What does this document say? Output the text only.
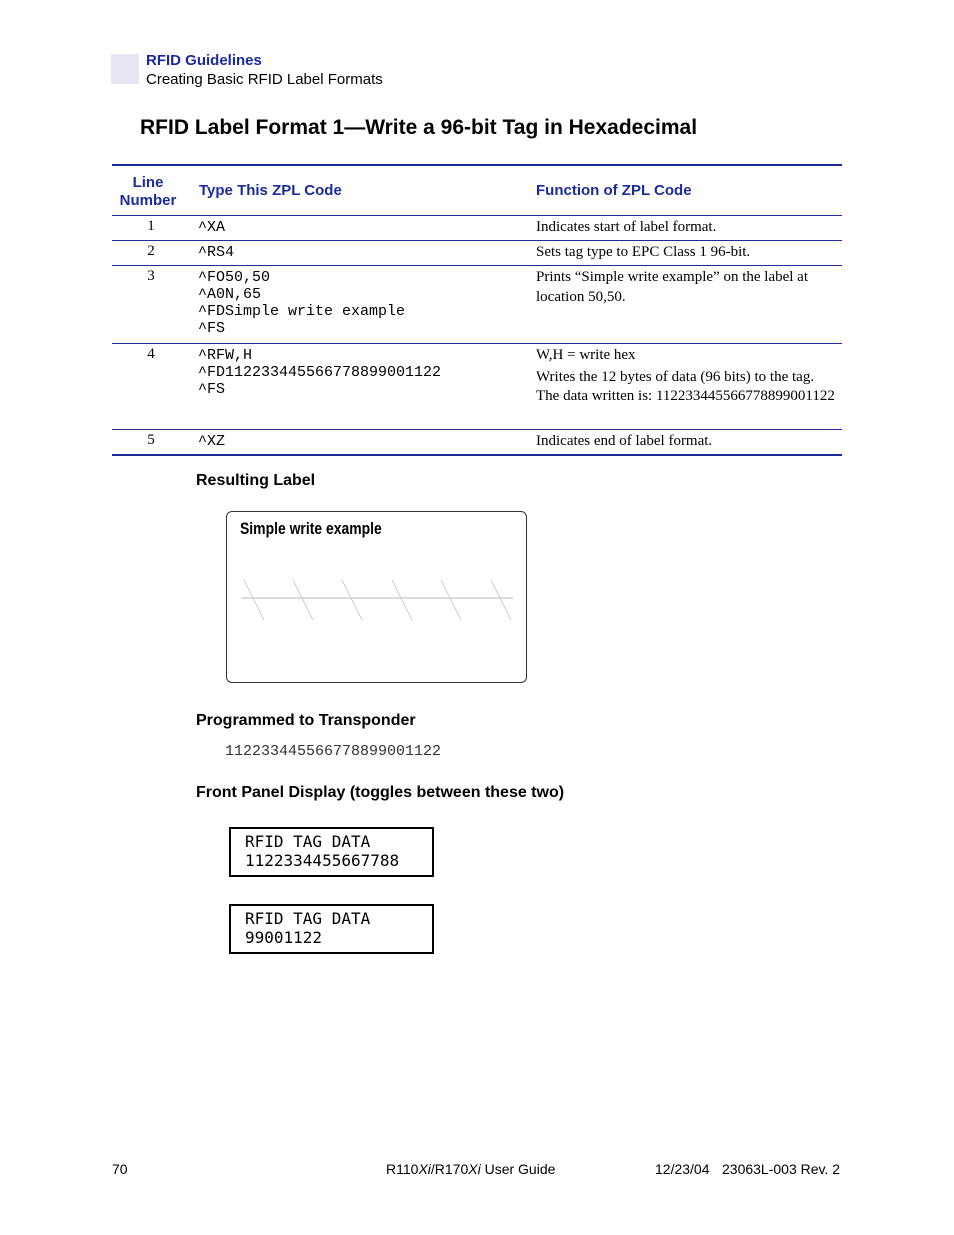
RFID Guidelines
Creating Basic RFID Label Formats
RFID Label Format 1—Write a 96-bit Tag in Hexadecimal
Line
Number
Type This ZPL Code	Function of ZPL Code
1	^XA	Indicates start of label format.

2	^RS4	Sets tag type to EPC Class 1 96-bit.

3	^FO50,50
^A0N,65
^FDSimple write example
^FS

Prints “Simple write example” on the label at location 50,50.

4	^RFW,H
^FD112233445566778899001122
^FS

W,H = write hex

Writes the 12 bytes of data (96 bits) to the tag. The data written is: 112233445566778899001122

5	^XZ	Indicates end of label format.

Resulting Label
Simple write example
Programmed to Transponder
112233445566778899001122
Front Panel Display (toggles between these two)
RFID TAG DATA
1122334455667788
RFID TAG DATA
99001122
70	R110Xi/R170Xi User Guide	12/23/04 23063L-003 Rev. 2
